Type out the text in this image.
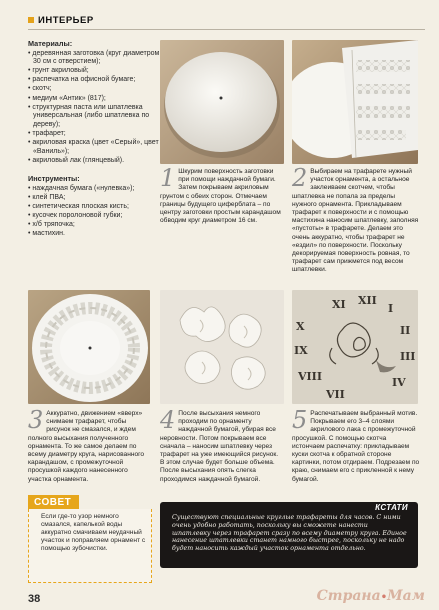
ИНТЕРЬЕР
Материалы:
• деревянная заготовка (круг диаметром 30 см с отверстием);
• грунт акриловый;
• распечатка на офисной бумаге;
• скотч;
• медиум «Антик» (817);
• структурная паста или шпатлевка универсальная (либо шпатлевка по дереву);
• трафарет;
• акриловая краска (цвет «Серый», цвет «Ваниль»);
• акриловый лак (глянцевый).
Инструменты:
• наждачная бумага («нулевка»);
• клей ПВА;
• синтетическая плоская кисть;
• кусочек поролоновой губки;
• х/б тряпочка;
• мастихин.
1 Шкурим поверхность заготовки при помощи наждачной бумаги. Затем покрываем акриловым грунтом с обеих сторон. Отмечаем границы будущего циферблата – по центру заготовки простым карандашом обводим круг диаметром 16 см.

2 Выбираем на трафарете нужный участок орнамента, а остальное заклеиваем скотчем, чтобы шпатлевка не попала за пределы нужного орнамента. Прикладываем трафарет к поверхности и с помощью мастихина наносим шпатлевку, заполняя «пустоты» в трафарете. Делаем это очень аккуратно, чтобы трафарет не «ездил» по поверхности. Поскольку декорируемая поверхность ровная, то трафарет сам прижмется под весом шпатлевки.

XI XII
I
II
X
IX
VIII
VII
IV
III
3 Аккуратно, движением «вверх» снимаем трафарет, чтобы рисунок не смазался, и ждем полного высыхания полученного орнамента. То же самое делаем по всему диаметру круга, нарисованного карандашом, с промежуточной просушкой каждого нанесенного участка орнамента.

4 После высыхания немного проходим по орнаменту наждачной бумагой, убирая все неровности. Потом покрываем все сначала – наносим шпатлевку через трафарет на уже имеющийся рисунок. В этом случае будет больше объема. После высыхания опять слегка проходимся наждачной бумагой.

5 Распечатываем выбранный мотив. Покрываем его 3–4 слоями акрилового лака с промежуточной просушкой. С помощью скотча истончаем распечатку: прикладываем куски скотча к обратной стороне картинки, потом отдираем. Подрезаем по краю, снимаем его с прикленной к нему бумагой.

СОВЕТ
Если где-то узор немного смазался, капелькой воды аккуратно смачиваем неудачный участок и поправляем орнамент с помощью зубочистки.
КСТАТИ
Существуют специальные круглые трафареты для часов. С ними очень удобно работать, поскольку вы сможете нанести шпатлевку через трафарет сразу по всему диаметру круга. Единое нанесение шпатлевки станет намного быстрее, поскольку не надо будет наносить каждый участок орнамента отдельно.
38	Страна•Мам
